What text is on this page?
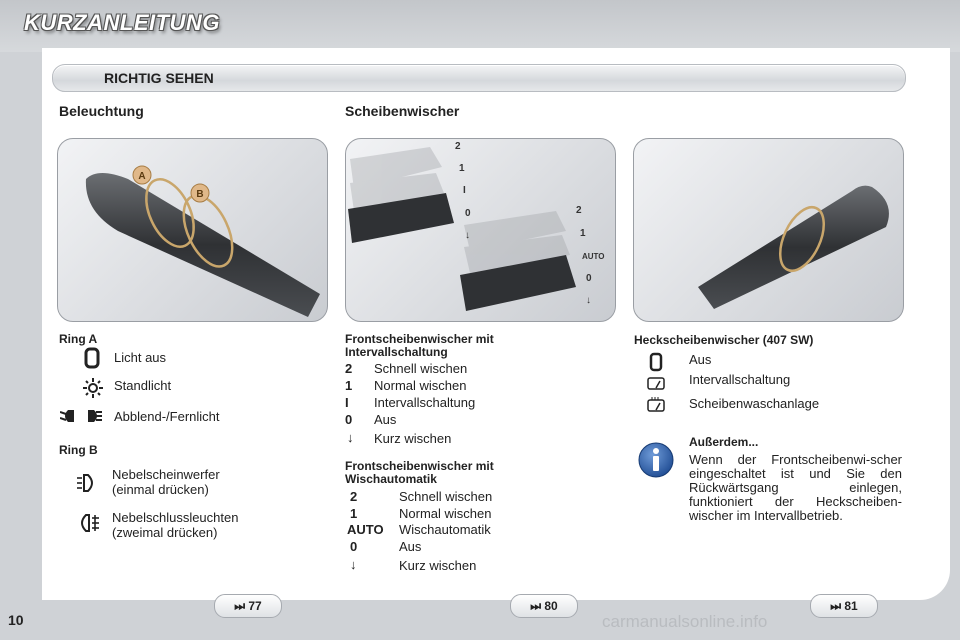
KURZANLEITUNG
RICHTIG SEHEN
Beleuchtung	Scheibenwischer
A
B
2
1
I
0
↓
2
1
AUTO
0
↓
Ring A
Licht aus
Standlicht
Abblend-/Fernlicht
Ring B
Nebelscheinwerfer
(einmal drücken)
Nebelschlussleuchten
(zweimal drücken)
Frontscheibenwischer mit Intervallschaltung
2 Schnell wischen
1 Normal wischen
I Intervallschaltung
0 Aus
↓ Kurz wischen
Frontscheibenwischer mit Wischautomatik
2	Schnell wischen
1	Normal wischen
AUTO Wischautomatik
0	Aus
↓	Kurz wischen
Heckscheibenwischer (407 SW)
Aus
Intervallschaltung
Scheibenwaschanlage
Außerdem...
Wenn der Frontscheibenwi-scher eingeschaltet ist und Sie den Rückwärtsgang einlegen, funktioniert der Heckscheiben-wischer im Intervallbetrieb.
⏭ 77	⏭ 80	⏭ 81
10	carmanualsonline.info
